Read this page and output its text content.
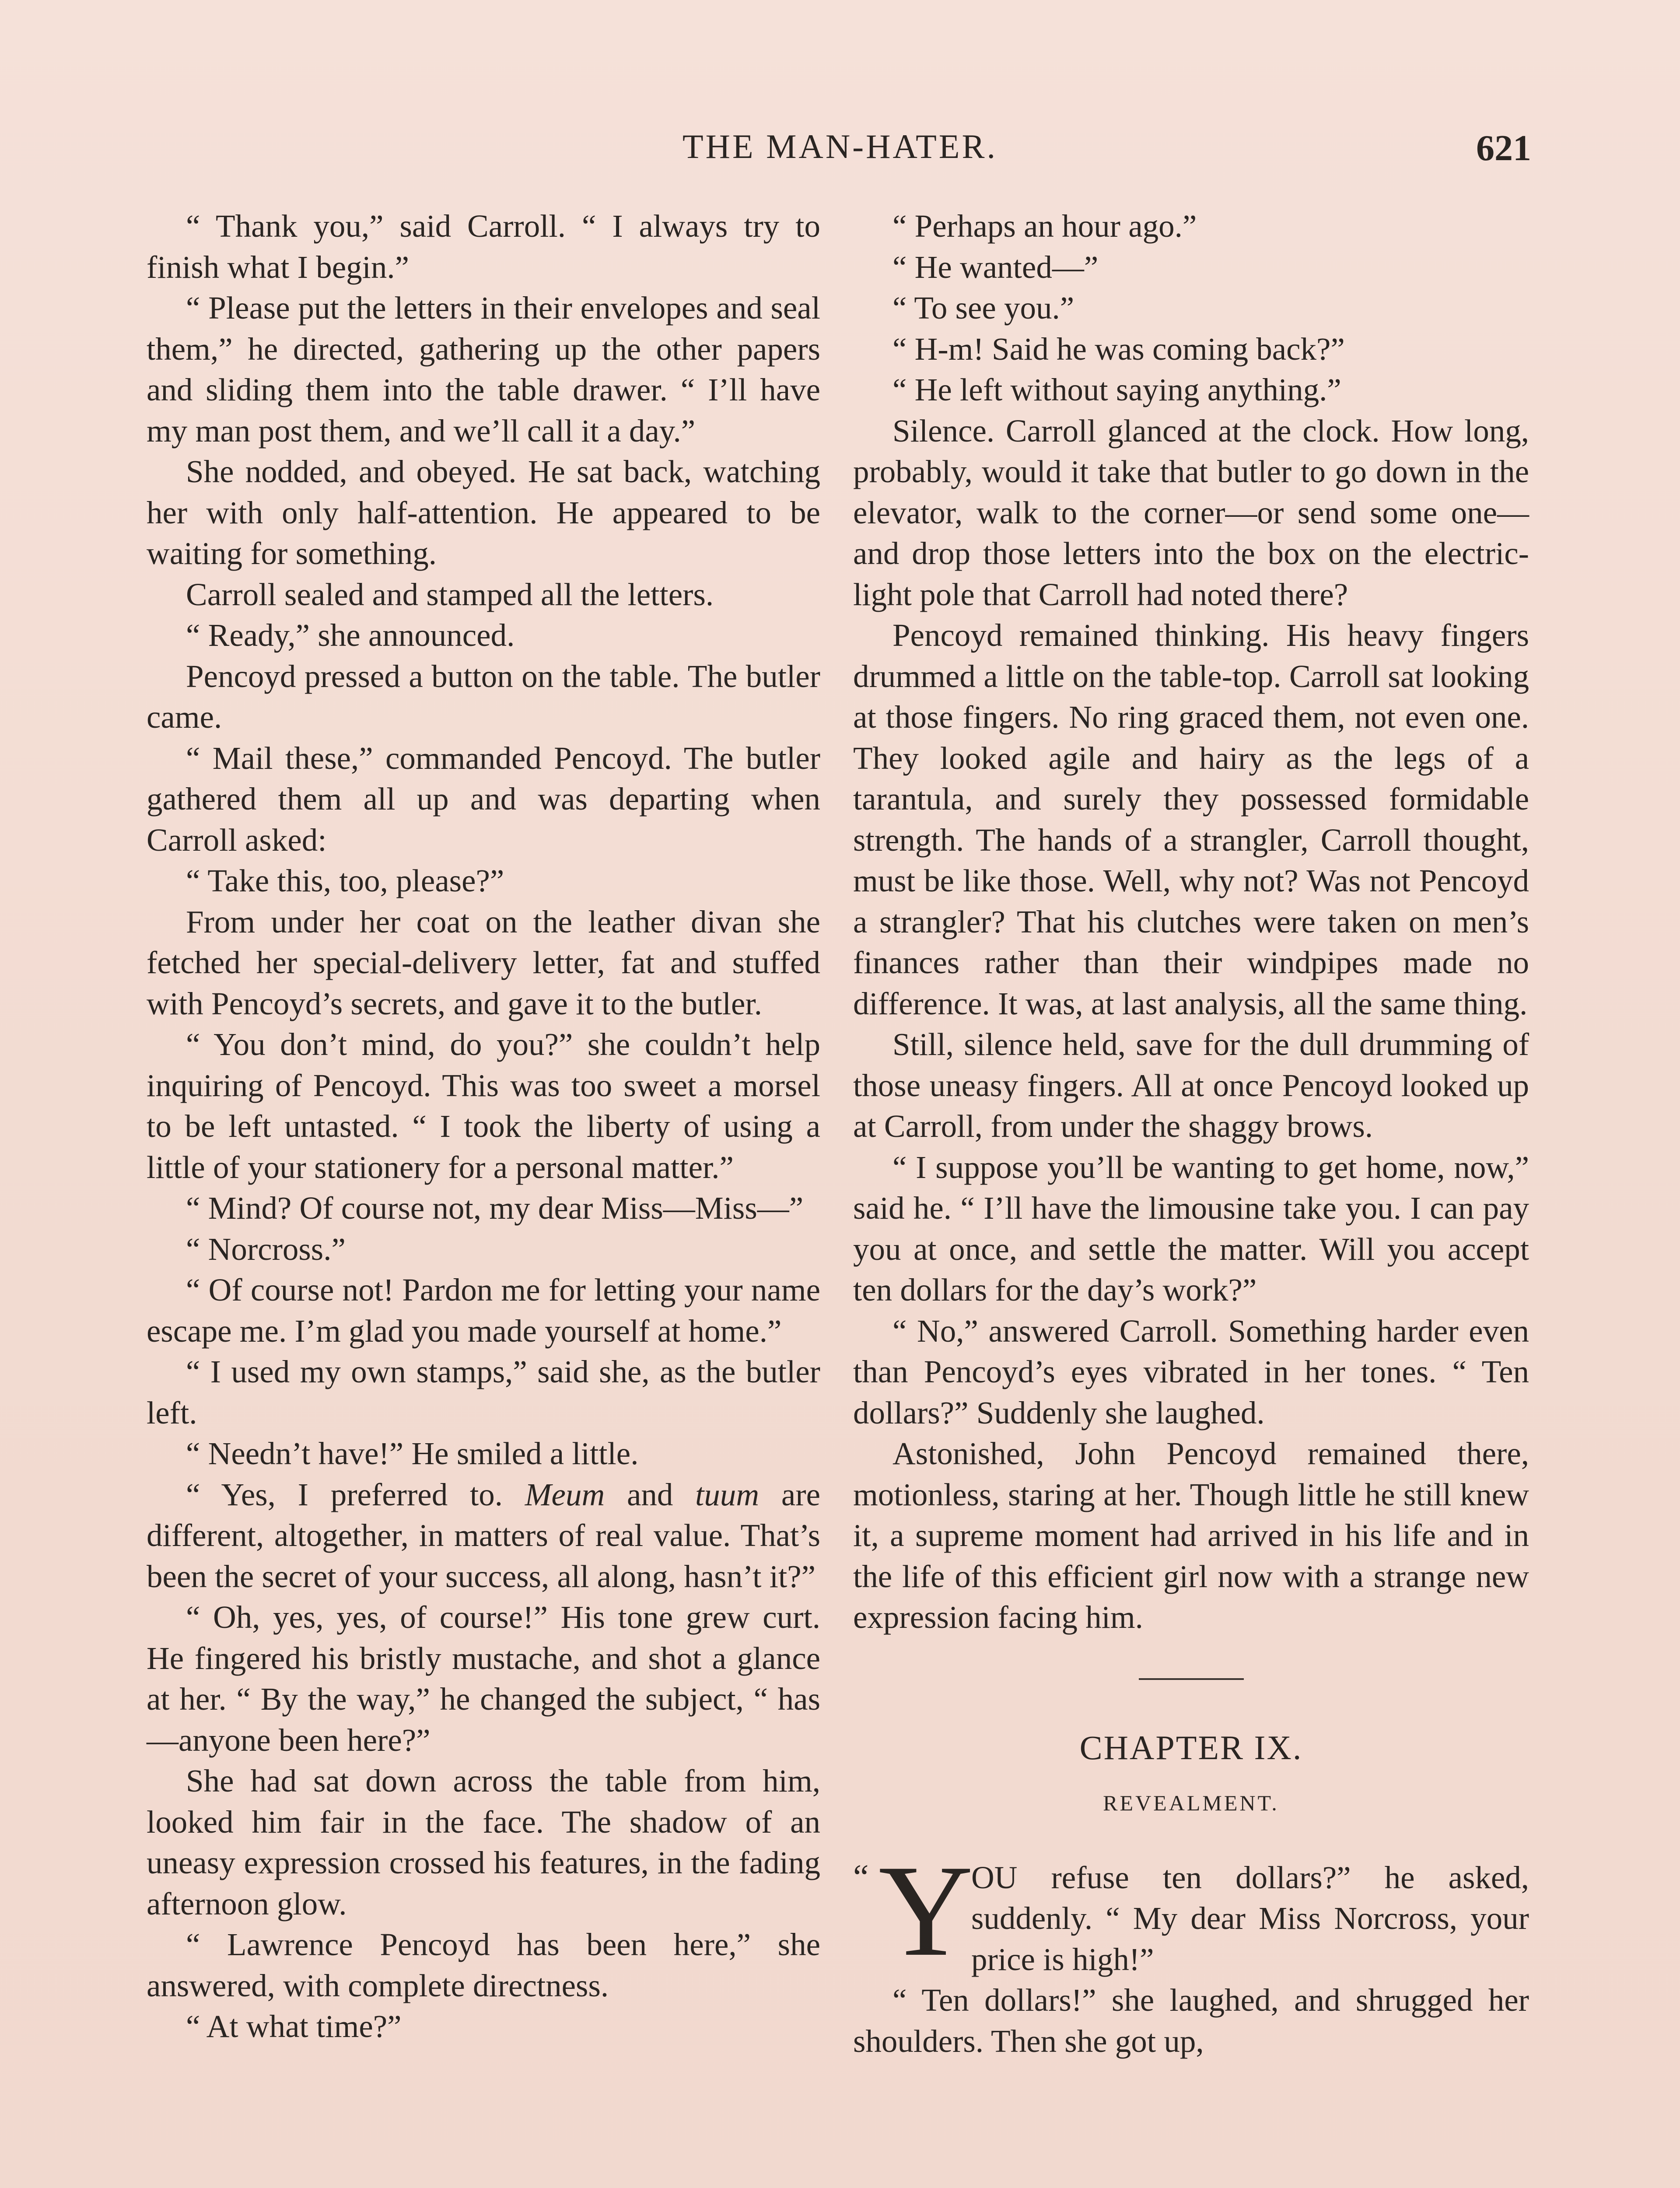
THE MAN-HATER.	621

“ Thank you,” said Carroll. “ I always try to finish what I begin.”

“ Please put the letters in their envelopes and seal them,” he directed, gathering up the other papers and sliding them into the table drawer. “ I’ll have my man post them, and we’ll call it a day.”

She nodded, and obeyed. He sat back, watching her with only half-attention. He appeared to be waiting for something.

Carroll sealed and stamped all the letters.

“ Ready,” she announced.

Pencoyd pressed a button on the table. The butler came.

“ Mail these,” commanded Pencoyd. The butler gathered them all up and was departing when Carroll asked:

“ Take this, too, please?”

From under her coat on the leather divan she fetched her special-delivery letter, fat and stuffed with Pencoyd’s secrets, and gave it to the butler.

“ You don’t mind, do you?” she couldn’t help inquiring of Pencoyd. This was too sweet a morsel to be left untasted. “ I took the liberty of using a little of your stationery for a personal matter.”

“ Mind? Of course not, my dear Miss—Miss—”

“ Norcross.”

“ Of course not! Pardon me for letting your name escape me. I’m glad you made yourself at home.”

“ I used my own stamps,” said she, as the butler left.

“ Needn’t have!” He smiled a little.

“ Yes, I preferred to. Meum and tuum are different, altogether, in matters of real value. That’s been the secret of your success, all along, hasn’t it?”

“ Oh, yes, yes, of course!” His tone grew curt. He fingered his bristly mustache, and shot a glance at her. “ By the way,” he changed the subject, “ has—anyone been here?”

She had sat down across the table from him, looked him fair in the face. The shadow of an uneasy expression crossed his features, in the fading afternoon glow.

“ Lawrence Pencoyd has been here,” she answered, with complete directness.

“ At what time?”

“ Perhaps an hour ago.”

“ He wanted—”

“ To see you.”

“ H-m! Said he was coming back?”

“ He left without saying anything.”

Silence. Carroll glanced at the clock. How long, probably, would it take that butler to go down in the elevator, walk to the corner—or send some one—and drop those letters into the box on the electric-light pole that Carroll had noted there?

Pencoyd remained thinking. His heavy fingers drummed a little on the table-top. Carroll sat looking at those fingers. No ring graced them, not even one. They looked agile and hairy as the legs of a tarantula, and surely they possessed formidable strength. The hands of a strangler, Carroll thought, must be like those. Well, why not? Was not Pencoyd a strangler? That his clutches were taken on men’s finances rather than their windpipes made no difference. It was, at last analysis, all the same thing.

Still, silence held, save for the dull drumming of those uneasy fingers. All at once Pencoyd looked up at Carroll, from under the shaggy brows.

“ I suppose you’ll be wanting to get home, now,” said he. “ I’ll have the limousine take you. I can pay you at once, and settle the matter. Will you accept ten dollars for the day’s work?”

“ No,” answered Carroll. Something harder even than Pencoyd’s eyes vibrated in her tones. “ Ten dollars?” Suddenly she laughed.

Astonished, John Pencoyd remained there, motionless, staring at her. Though little he still knew it, a supreme moment had arrived in his life and in the life of this efficient girl now with a strange new expression facing him.

CHAPTER IX.
REVEALMENT.

“ Y
OU refuse ten dollars?” he asked, suddenly. “ My dear Miss Norcross, your price is high!”

“ Ten dollars!” she laughed, and shrugged her shoulders. Then she got up,
